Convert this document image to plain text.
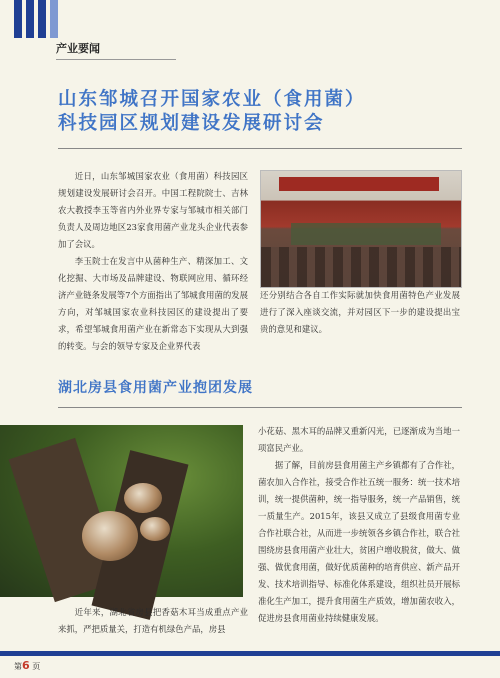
产业要闻
山东邹城召开国家农业（食用菌）
科技园区规划建设发展研讨会

近日，山东邹城国家农业（食用菌）科技园区规划建设发展研讨会召开。中国工程院院士、吉林农大教授李玉等省内外业界专家与邹城市相关部门负责人及周边地区23家食用菌产业龙头企业代表参加了会议。

李玉院士在发言中从菌种生产、精深加工、文化挖掘、大市场及品牌建设、物联网应用、循环经济产业链条发展等7个方面指出了邹城食用菌的发展方向，对邹城国家农业科技园区的建设提出了要求，希望邹城食用菌产业在新常态下实现从大到强的转变。与会的领导专家及企业界代表

还分别结合各自工作实际就加快食用菌特色产业发展进行了深入座谈交流，并对园区下一步的建设提出宝贵的意见和建议。

湖北房县食用菌产业抱团发展

近年来，湖北省房县把香菇木耳当成重点产业来抓，严把质量关，打造有机绿色产品，房县

小花菇、黑木耳的品牌又重新闪光，已逐渐成为当地一项富民产业。

据了解，目前房县食用菌主产乡镇都有了合作社，菌农加入合作社，接受合作社五统一服务：统一技术培训，统一提供菌种，统一指导服务，统一产品销售，统一质量生产。2015年，该县又成立了县级食用菌专业合作社联合社，从而进一步统领各乡镇合作社，联合社围绕房县食用菌产业壮大，贫困户增收脱贫，做大、做强、做优食用菌，做好优质菌种的培育供应、新产品开发、技术培训指导、标准化体系建设，组织社员开展标准化生产加工，提升食用菌生产质效，增加菌农收入，促进房县食用菌业持续健康发展。

第6 页
